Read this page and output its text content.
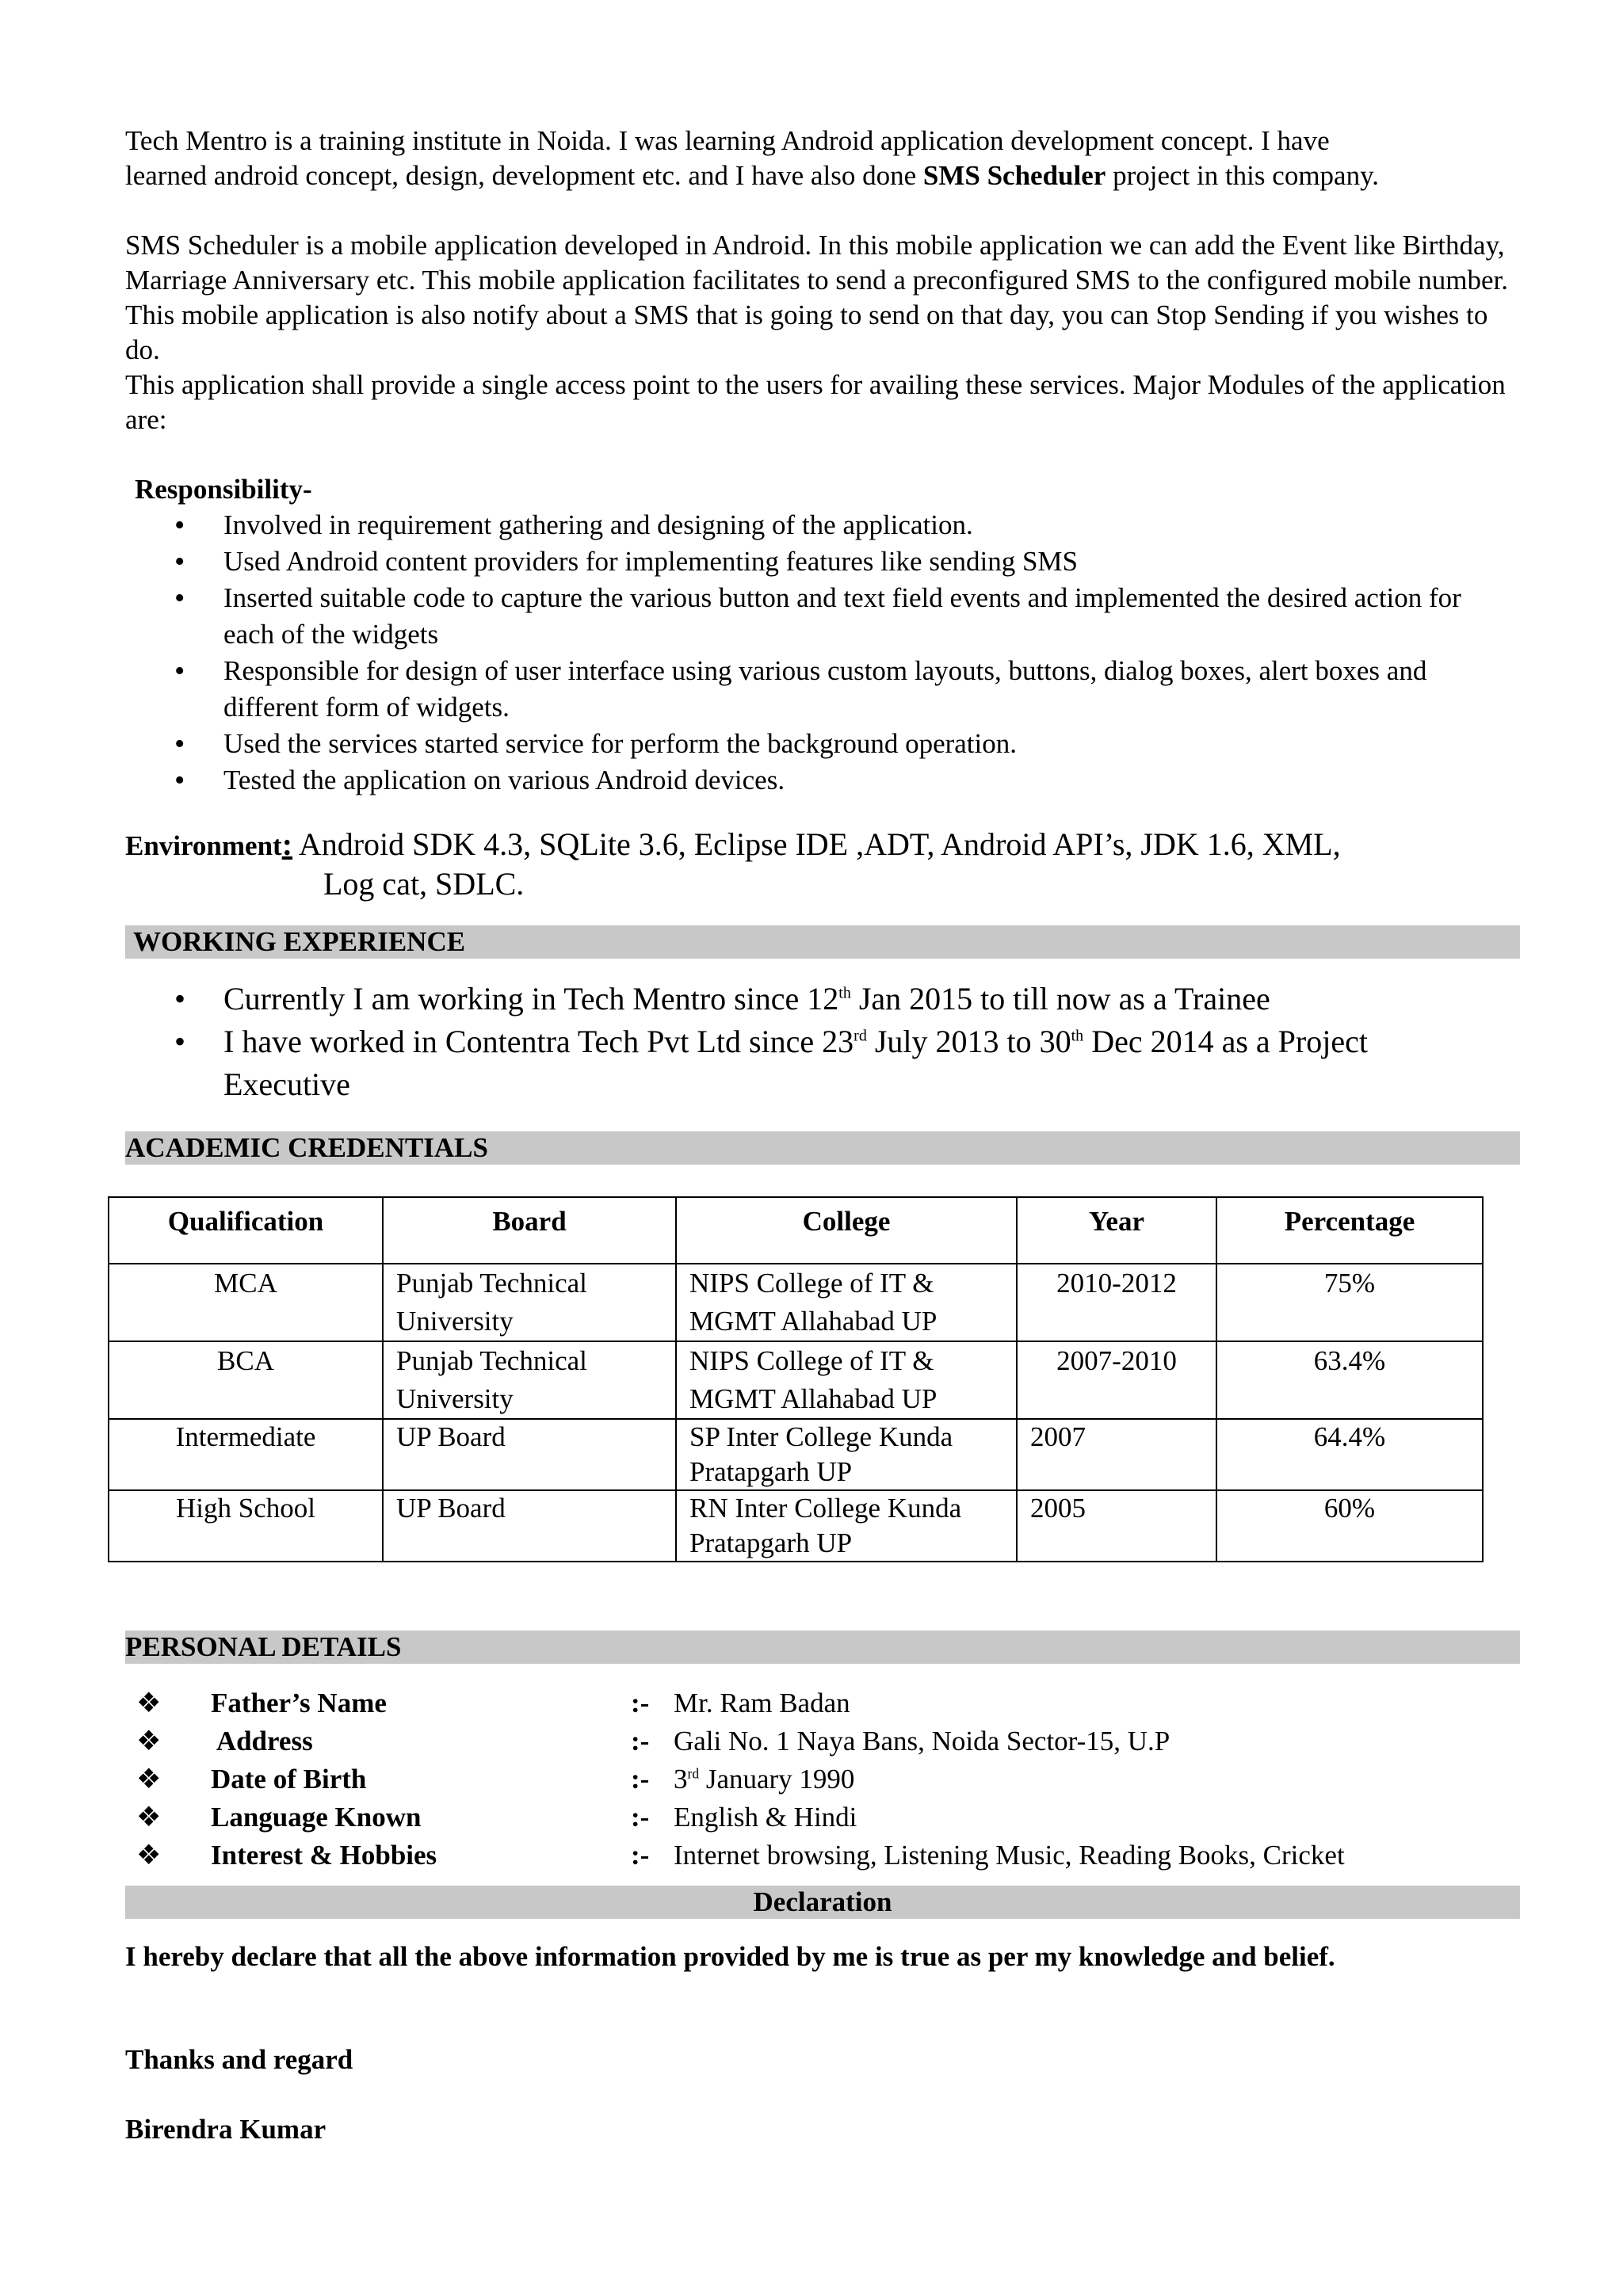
Tech Mentro is a training institute in Noida. I was learning Android application development concept. I have
learned android concept, design, development etc. and I have also done SMS Scheduler project in this company.

SMS Scheduler is a mobile application developed in Android. In this mobile application we can add the Event like Birthday, Marriage Anniversary etc. This mobile application facilitates to send a preconfigured SMS to the configured mobile number. This mobile application is also notify about a SMS that is going to send on that day, you can Stop Sending if you wishes to do.

This application shall provide a single access point to the users for availing these services. Major Modules of the application are:

Responsibility-
• Involved in requirement gathering and designing of the application.
• Used Android content providers for implementing features like sending SMS
• Inserted suitable code to capture the various button and text field events and implemented the desired action for each of the widgets
• Responsible for design of user interface using various custom layouts, buttons, dialog boxes, alert boxes and different form of widgets.
• Used the services started service for perform the background operation.
• Tested the application on various Android devices.
Environment: Android SDK 4.3, SQLite 3.6, Eclipse IDE ,ADT, Android API’s, JDK 1.6, XML,
Log cat, SDLC.
WORKING EXPERIENCE
• Currently I am working in Tech Mentro since 12th Jan 2015 to till now as a Trainee
• I have worked in Contentra Tech Pvt Ltd since 23rd July 2013 to 30th Dec 2014 as a Project Executive
ACADEMIC CREDENTIALS
Qualification	Board	College	Year	Percentage
MCA	Punjab Technical University	NIPS College of IT & MGMT Allahabad UP	2010-2012	75%
BCA	Punjab Technical University	NIPS College of IT & MGMT Allahabad UP	2007-2010	63.4%
Intermediate	UP Board	SP Inter College Kunda Pratapgarh UP	2007	64.4%
High School	UP Board	RN Inter College Kunda Pratapgarh UP	2005	60%
PERSONAL DETAILS
❖	Father’s Name	:- Mr. Ram Badan
❖	Address	:- Gali No. 1 Naya Bans, Noida Sector-15, U.P
❖	Date of Birth	:- 3rd January 1990
❖	Language Known	:- English & Hindi
❖	Interest & Hobbies	:- Internet browsing, Listening Music, Reading Books, Cricket
Declaration

I hereby declare that all the above information provided by me is true as per my knowledge and belief.

Thanks and regard

Birendra Kumar
